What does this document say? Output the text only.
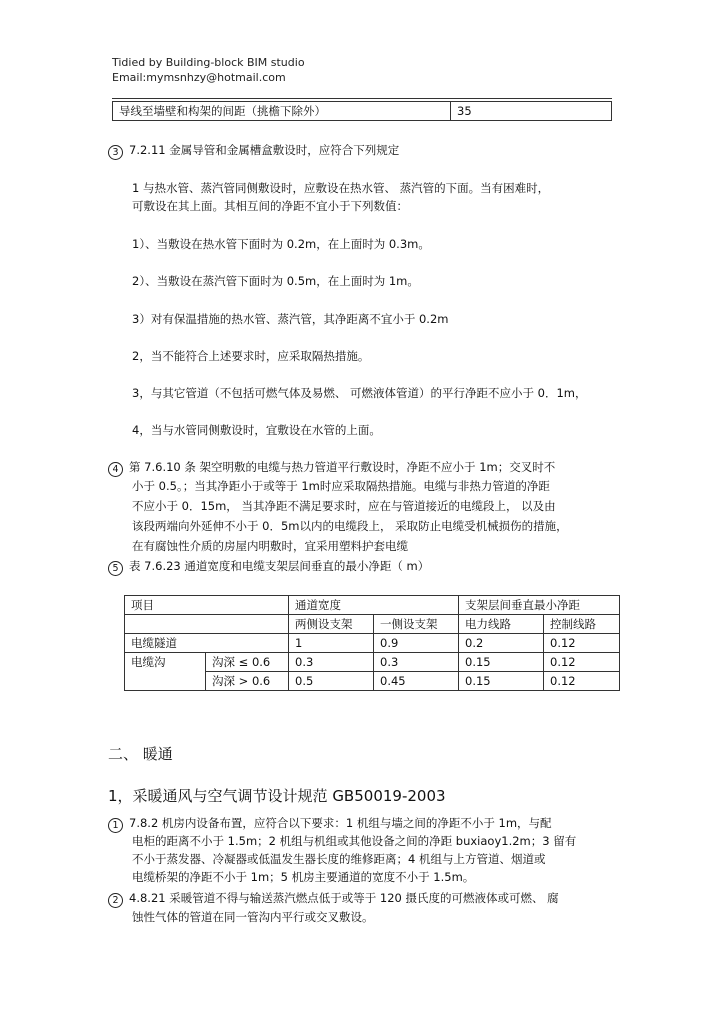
Tidied by Building-block BIM studio
Email:mymsnhzy@hotmail.com
导线至墙壁和构架的间距（挑檐下除外）	35
3 7.2.11 金属导管和金属槽盒敷设时，应符合下列规定
1 与热水管、蒸汽管同侧敷设时，应敷设在热水管、 蒸汽管的下面。当有困难时，
可敷设在其上面。其相互间的净距不宜小于下列数值：
1）、当敷设在热水管下面时为 0.2m，在上面时为 0.3m。
2）、当敷设在蒸汽管下面时为 0.5m，在上面时为 1m。
3）对有保温措施的热水管、蒸汽管，其净距离不宜小于 0.2m
2，当不能符合上述要求时，应采取隔热措施。
3，与其它管道（不包括可燃气体及易燃、 可燃液体管道）的平行净距不应小于 0．1m，
4，当与水管同侧敷设时，宜敷设在水管的上面。
4 第 7.6.10 条 架空明敷的电缆与热力管道平行敷设时，净距不应小于 1m；交叉时不
小于 0.5。；当其净距小于或等于 1m时应采取隔热措施。电缆与非热力管道的净距
不应小于 0．15m， 当其净距不满足要求时，应在与管道接近的电缆段上， 以及由
该段两端向外延伸不小于 0．5m以内的电缆段上， 采取防止电缆受机械损伤的措施，
在有腐蚀性介质的房屋内明敷时，宜采用塑料护套电缆
5 表 7.6.23 通道宽度和电缆支架层间垂直的最小净距（ m）
项目		通道宽度		支架层间垂直最小净距	
		两侧设支架	一侧设支架	电力线路	控制线路
电缆隧道		1	0.9	0.2	0.12
电缆沟	沟深 ≤ 0.6	0.3	0.3	0.15	0.12
	沟深 > 0.6	0.5	0.45	0.15	0.12
二、 暖通
1，采暖通风与空气调节设计规范 GB50019-2003
1 7.8.2 机房内设备布置，应符合以下要求：1 机组与墙之间的净距不小于 1m，与配
电柜的距离不小于 1.5m；2 机组与机组或其他设备之间的净距 buxiaoy1.2m；3 留有
不小于蒸发器、冷凝器或低温发生器长度的维修距离；4 机组与上方管道、烟道或
电缆桥架的净距不小于 1m；5 机房主要通道的宽度不小于 1.5m。
2 4.8.21 采暖管道不得与输送蒸汽燃点低于或等于 120 摄氏度的可燃液体或可燃、 腐
蚀性气体的管道在同一管沟内平行或交叉敷设。
